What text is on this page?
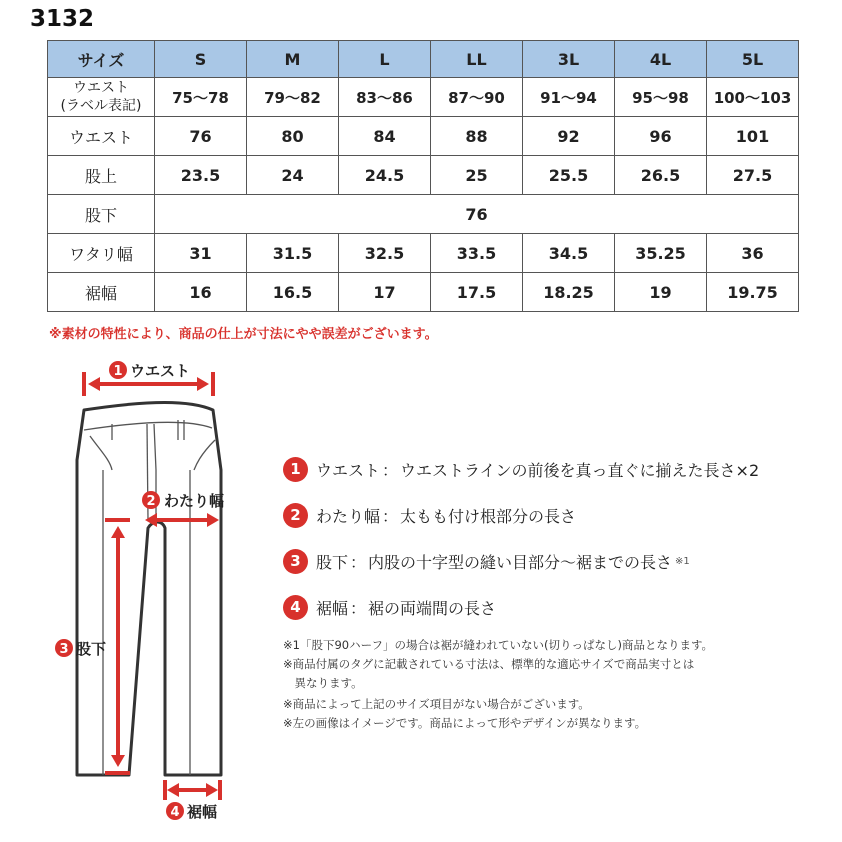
3132
サイズ	S	M	L	LL	3L	4L	5L

ウエスト
(ラベル表記)	75〜78	79〜82	83〜86	87〜90	91〜94	95〜98	100〜103
ウエスト	76	80	84	88	92	96	101
股上	23.5	24	24.5	25	25.5	26.5	27.5
股下	76						
ワタリ幅	31	31.5	32.5	33.5	34.5	35.25	36
裾幅	16	16.5	17	17.5	18.25	19	19.75
※素材の特性により、商品の仕上が寸法にやや誤差がございます。
1 ウエスト
2 わたり幅
3 股下
4 裾幅
1 ウエスト ： ウエストラインの前後を真っ直ぐに揃えた長さ×2
2 わたり幅 ： 太もも付け根部分の長さ
3 股下 ： 内股の十字型の縫い目部分〜裾までの長さ ※1
4 裾幅 ： 裾の両端間の長さ
※1「股下90ハーフ」の場合は裾が縫われていない(切りっぱなし)商品となります。
※商品付属のタグに記載されている寸法は、標準的な適応サイズで商品実寸とは
　異なります。
※商品によって上記のサイズ項目がない場合がございます。
※左の画像はイメージです。商品によって形やデザインが異なります。
